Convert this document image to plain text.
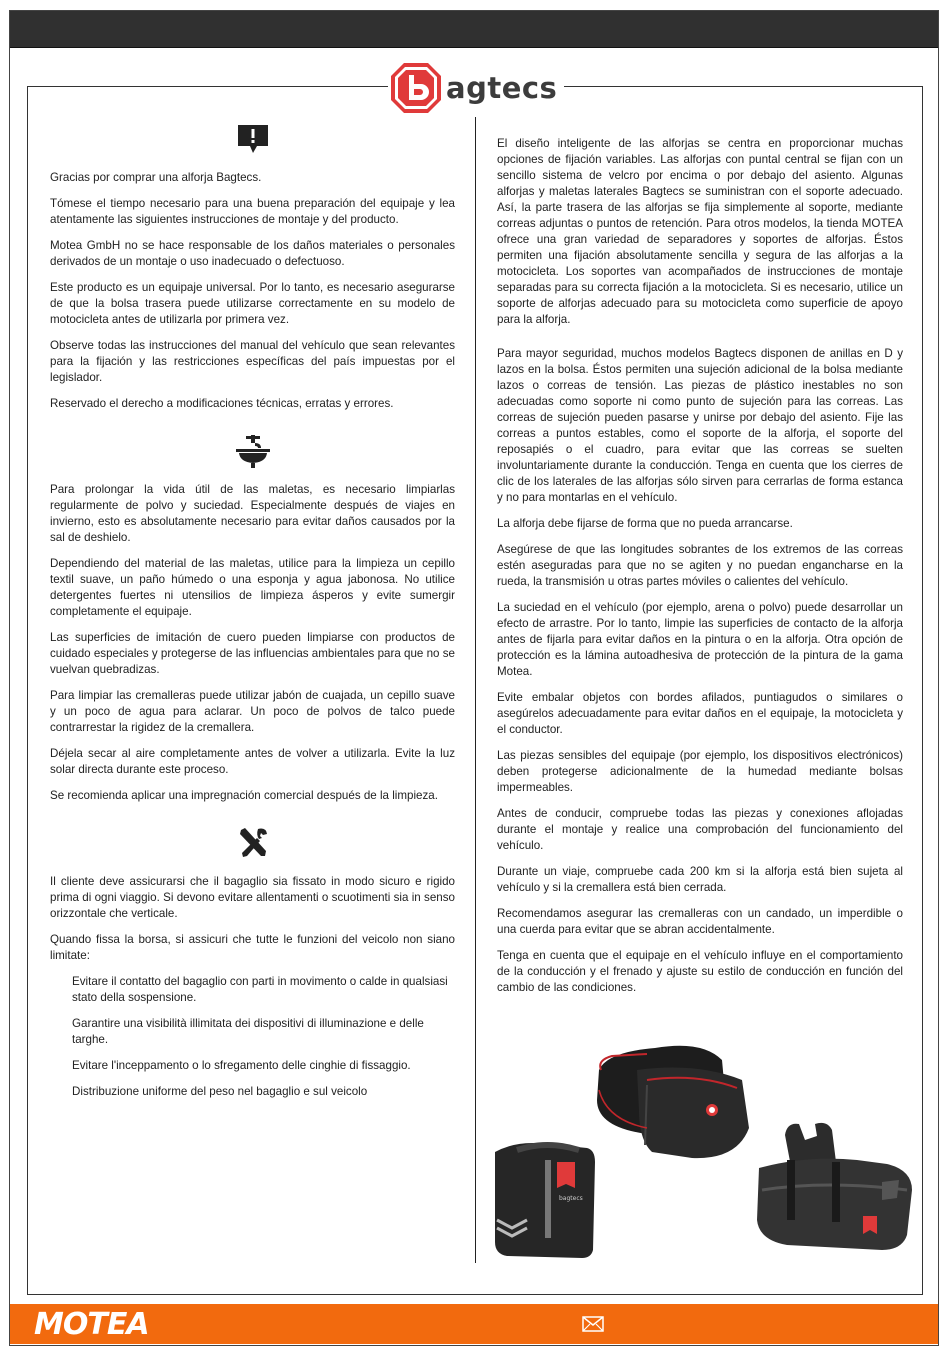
agtecs

Gracias por comprar una alforja Bagtecs.

Tómese el tiempo necesario para una buena preparación del equipaje y lea atentamente las siguientes instrucciones de montaje y del producto.

Motea GmbH no se hace responsable de los daños materiales o personales derivados de un montaje o uso inadecuado o defectuoso.

Este producto es un equipaje universal. Por lo tanto, es necesario asegurarse de que la bolsa trasera puede utilizarse correctamente en su modelo de motocicleta antes de utilizarla por primera vez.

Observe todas las instrucciones del manual del vehículo que sean relevantes para la fijación y las restricciones específicas del país impuestas por el legislador.

Reservado el derecho a modificaciones técnicas, erratas y errores.

Para prolongar la vida útil de las maletas, es necesario limpiarlas regularmente de polvo y suciedad. Especialmente después de viajes en invierno, esto es absolutamente necesario para evitar daños causados por la sal de deshielo.

Dependiendo del material de las maletas, utilice para la limpieza un cepillo textil suave, un paño húmedo o una esponja y agua jabonosa. No utilice detergentes fuertes ni utensilios de limpieza ásperos y evite sumergir completamente el equipaje.

Las superficies de imitación de cuero pueden limpiarse con productos de cuidado especiales y protegerse de las influencias ambientales para que no se vuelvan quebradizas.

Para limpiar las cremalleras puede utilizar jabón de cuajada, un cepillo suave y un poco de agua para aclarar. Un poco de polvos de talco puede contrarrestar la rigidez de la cremallera.

Déjela secar al aire completamente antes de volver a utilizarla. Evite la luz solar directa durante este proceso.

Se recomienda aplicar una impregnación comercial después de la limpieza.

Il cliente deve assicurarsi che il bagaglio sia fissato in modo sicuro e rigido prima di ogni viaggio. Si devono evitare allentamenti o scuotimenti sia in senso orizzontale che verticale.

Quando fissa la borsa, si assicuri che tutte le funzioni del veicolo non siano limitate:

Evitare il contatto del bagaglio con parti in movimento o calde in qualsiasi stato della sospensione.

Garantire una visibilità illimitata dei dispositivi di illuminazione e delle targhe.

Evitare l'inceppamento o lo sfregamento delle cinghie di fissaggio.

Distribuzione uniforme del peso nel bagaglio e sul veicolo

El diseño inteligente de las alforjas se centra en proporcionar muchas opciones de fijación variables. Las alforjas con puntal central se fijan con un sencillo sistema de velcro por encima o por debajo del asiento. Algunas alforjas y maletas laterales Bagtecs se suministran con el soporte adecuado. Así, la parte trasera de las alforjas se fija simplemente al soporte, mediante correas adjuntas o puntos de retención. Para otros modelos, la tienda MOTEA ofrece una gran variedad de separadores y soportes de alforjas. Éstos permiten una fijación absolutamente sencilla y segura de las alforjas a la motocicleta. Los soportes van acompañados de instrucciones de montaje separadas para su correcta fijación a la motocicleta. Si es necesario, utilice un soporte de alforjas adecuado para su motocicleta como superficie de apoyo para la alforja.

Para mayor seguridad, muchos modelos Bagtecs disponen de anillas en D y lazos en la bolsa. Éstos permiten una sujeción adicional de la bolsa mediante lazos o correas de tensión. Las piezas de plástico inestables no son adecuadas como soporte ni como punto de sujeción para las correas. Las correas de sujeción pueden pasarse y unirse por debajo del asiento. Fije las correas a puntos estables, como el soporte de la alforja, el soporte del reposapiés o el cuadro, para evitar que las correas se suelten involuntariamente durante la conducción. Tenga en cuenta que los cierres de clic de los laterales de las alforjas sólo sirven para cerrarlas de forma estanca y no para montarlas en el vehículo.

La alforja debe fijarse de forma que no pueda arrancarse.

Asegúrese de que las longitudes sobrantes de los extremos de las correas estén aseguradas para que no se agiten y no puedan engancharse en la rueda, la transmisión u otras partes móviles o calientes del vehículo.

La suciedad en el vehículo (por ejemplo, arena o polvo) puede desarrollar un efecto de arrastre. Por lo tanto, limpie las superficies de contacto de la alforja antes de fijarla para evitar daños en la pintura o en la alforja. Otra opción de protección es la lámina autoadhesiva de protección de la pintura de la gama Motea.

Evite embalar objetos con bordes afilados, puntiagudos o similares o asegúrelos adecuadamente para evitar daños en el equipaje, la motocicleta y el conductor.

Las piezas sensibles del equipaje (por ejemplo, los dispositivos electrónicos) deben protegerse adicionalmente de la humedad mediante bolsas impermeables.

Antes de conducir, compruebe todas las piezas y conexiones aflojadas durante el montaje y realice una comprobación del funcionamiento del vehículo.

Durante un viaje, compruebe cada 200 km si la alforja está bien sujeta al vehículo y si la cremallera está bien cerrada.

Recomendamos asegurar las cremalleras con un candado, un imperdible o una cuerda para evitar que se abran accidentalmente.

Tenga en cuenta que el equipaje en el vehículo influye en el comportamiento de la conducción y el frenado y ajuste su estilo de conducción en función del cambio de las condiciones.

bagtecs
MOTEA
